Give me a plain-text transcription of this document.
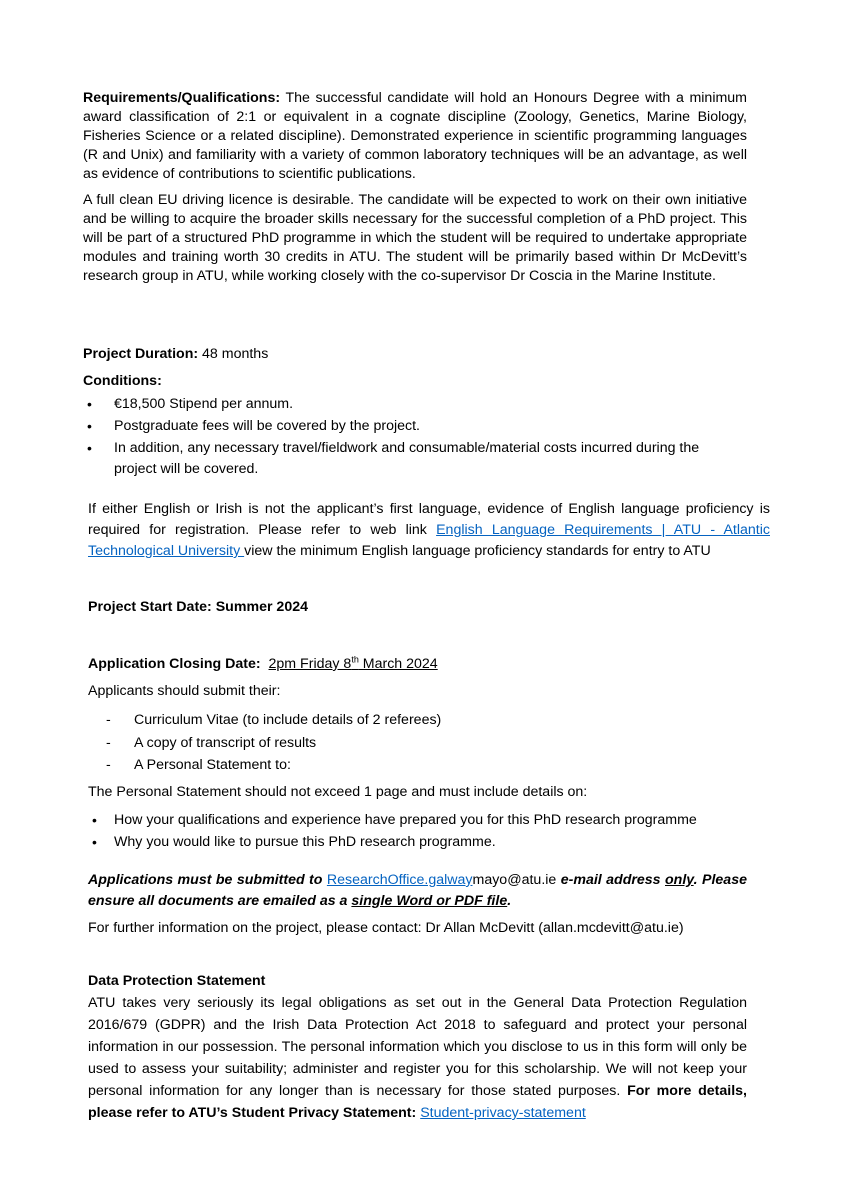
Requirements/Qualifications: The successful candidate will hold an Honours Degree with a minimum award classification of 2:1 or equivalent in a cognate discipline (Zoology, Genetics, Marine Biology, Fisheries Science or a related discipline). Demonstrated experience in scientific programming languages (R and Unix) and familiarity with a variety of common laboratory techniques will be an advantage, as well as evidence of contributions to scientific publications.

A full clean EU driving licence is desirable. The candidate will be expected to work on their own initiative and be willing to acquire the broader skills necessary for the successful completion of a PhD project. This will be part of a structured PhD programme in which the student will be required to undertake appropriate modules and training worth 30 credits in ATU. The student will be primarily based within Dr McDevitt’s research group in ATU, while working closely with the co-supervisor Dr Coscia in the Marine Institute.

Project Duration: 48 months
Conditions:
• €18,500 Stipend per annum.
• Postgraduate fees will be covered by the project.
• In addition, any necessary travel/fieldwork and consumable/material costs incurred during the project will be covered.
If either English or Irish is not the applicant’s first language, evidence of English language proficiency is required for registration. Please refer to web link English Language Requirements | ATU - Atlantic Technological University view the minimum English language proficiency standards for entry to ATU
Project Start Date: Summer 2024
Application Closing Date: 2pm Friday 8th March 2024
Applicants should submit their:
- Curriculum Vitae (to include details of 2 referees)
- A copy of transcript of results
- A Personal Statement to:
The Personal Statement should not exceed 1 page and must include details on:
• How your qualifications and experience have prepared you for this PhD research programme
• Why you would like to pursue this PhD research programme.
Applications must be submitted to ResearchOffice.galwaymayo@atu.ie e-mail address only. Please ensure all documents are emailed as a single Word or PDF file.
For further information on the project, please contact: Dr Allan McDevitt (allan.mcdevitt@atu.ie)
Data Protection Statement

ATU takes very seriously its legal obligations as set out in the General Data Protection Regulation 2016/679 (GDPR) and the Irish Data Protection Act 2018 to safeguard and protect your personal information in our possession. The personal information which you disclose to us in this form will only be used to assess your suitability; administer and register you for this scholarship. We will not keep your personal information for any longer than is necessary for those stated purposes. For more details, please refer to ATU’s Student Privacy Statement: Student-privacy-statement
